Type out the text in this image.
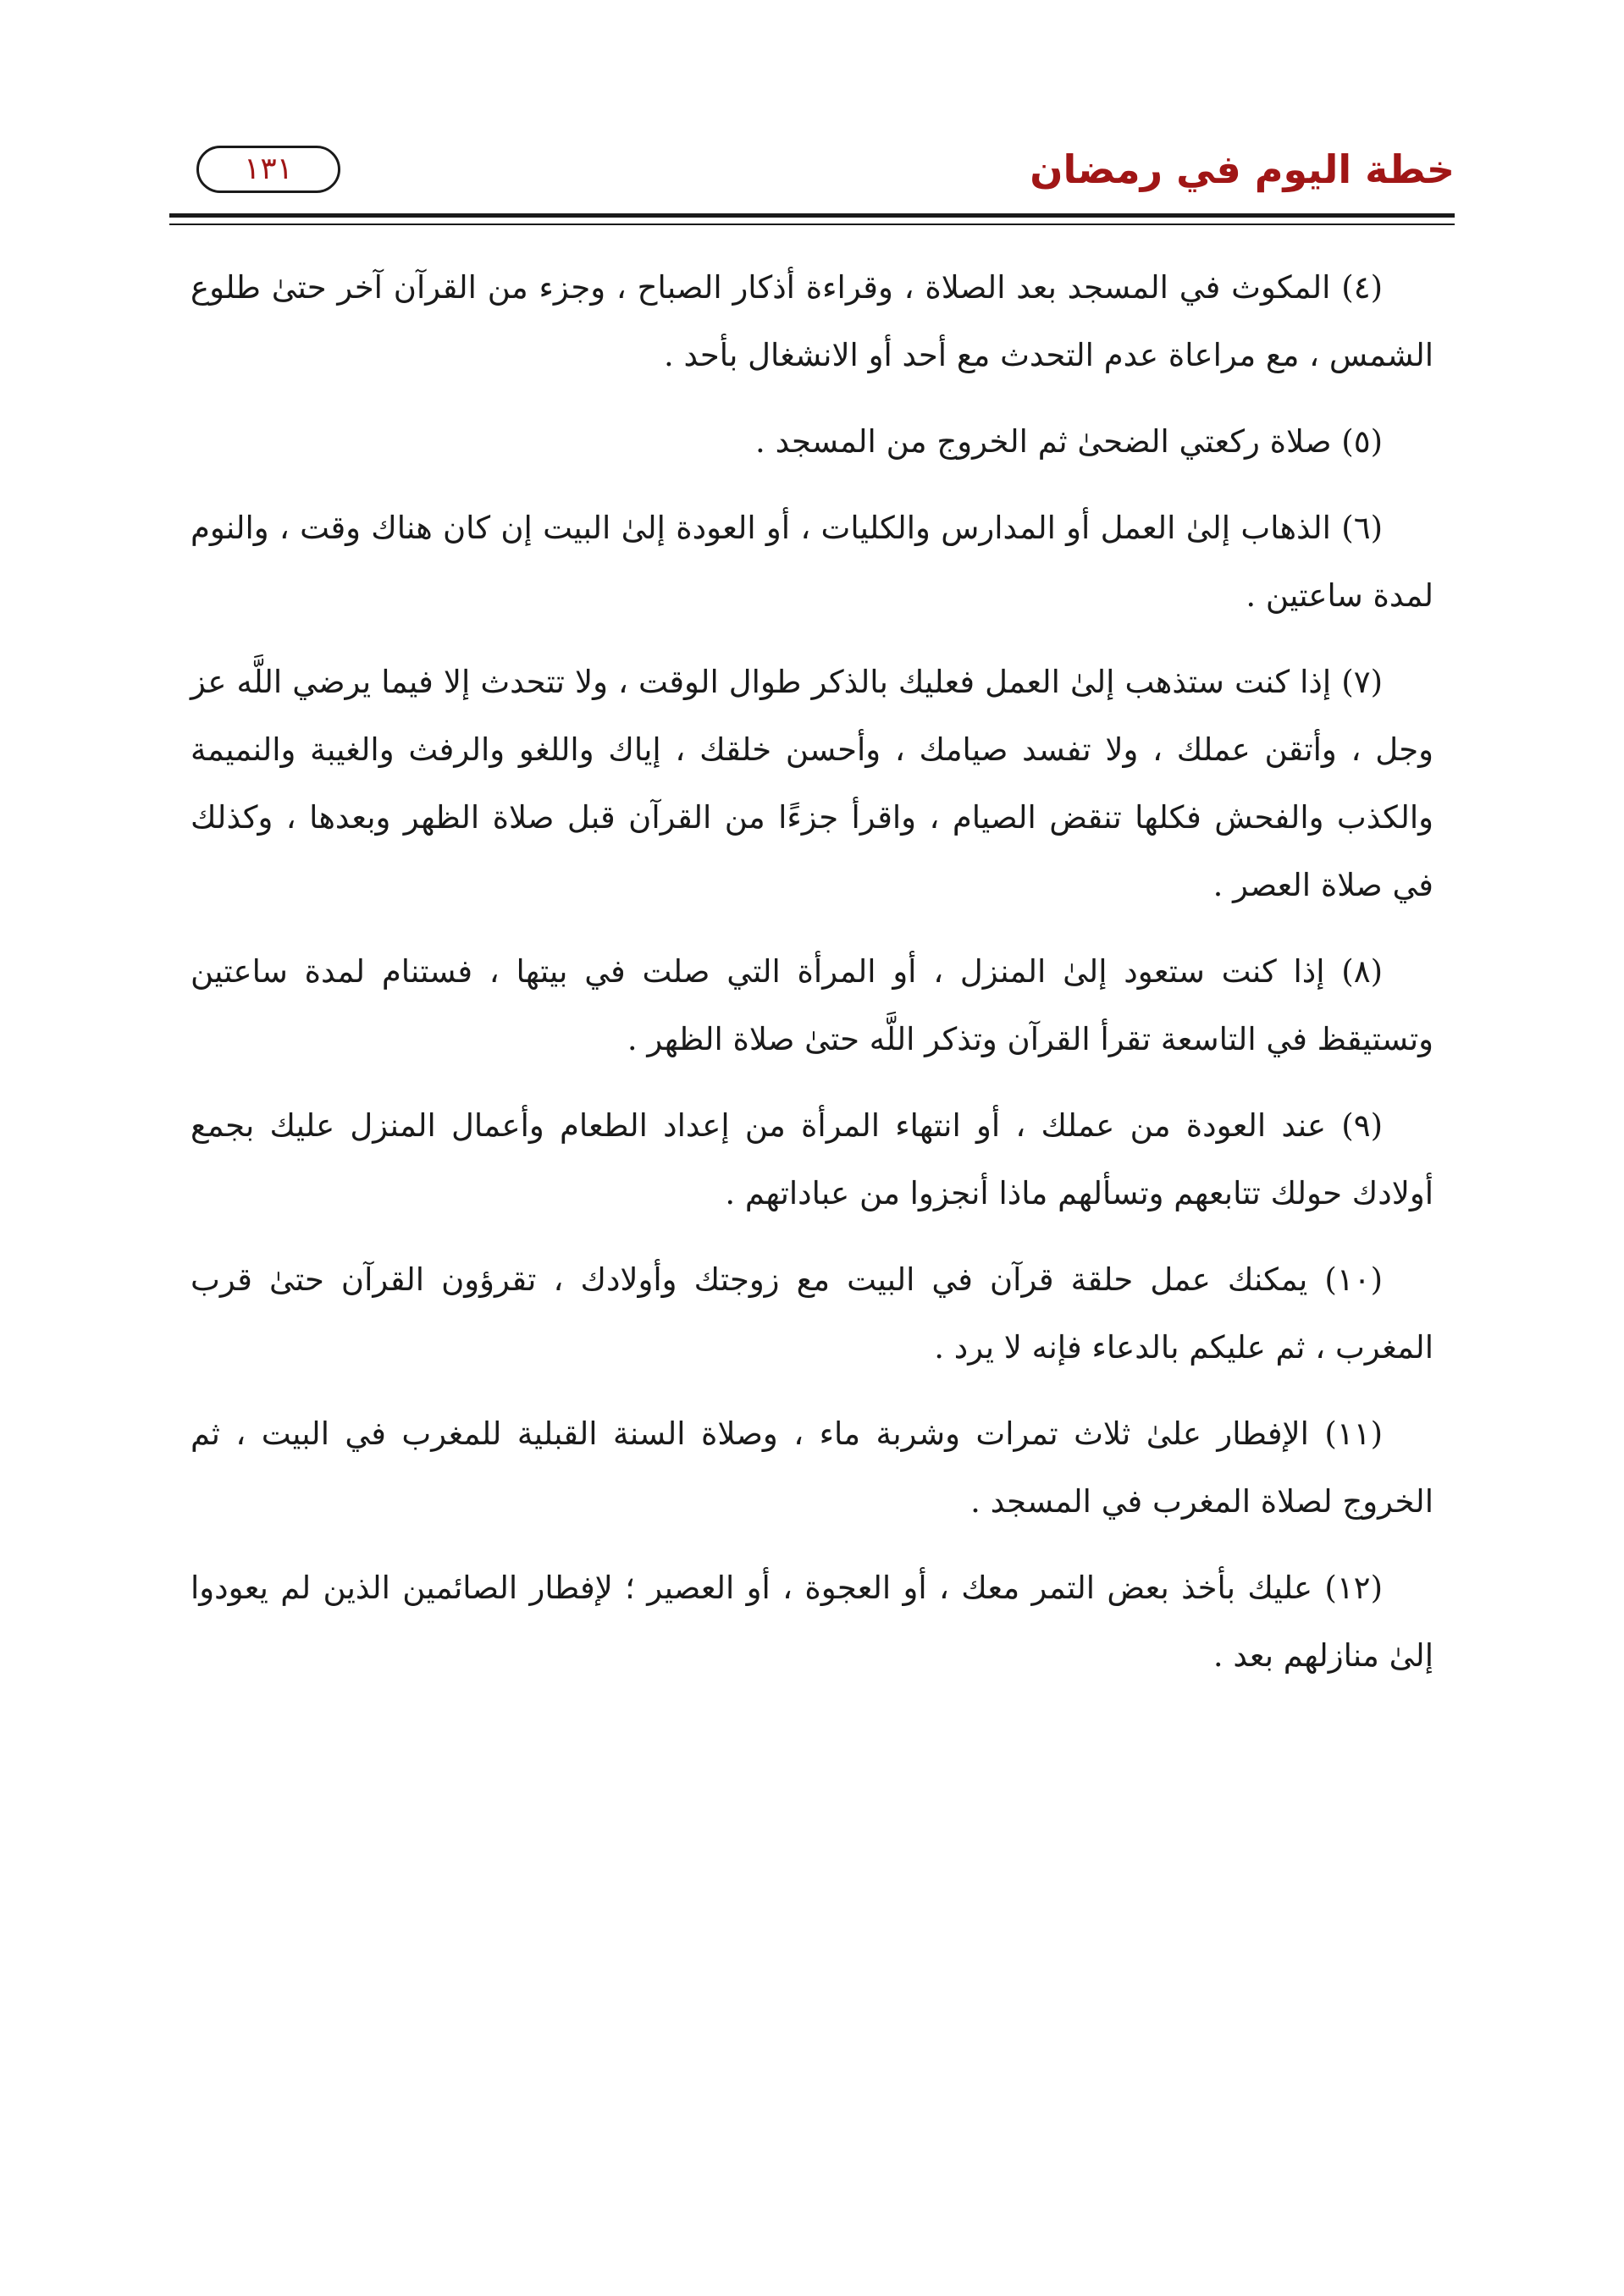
خطة اليوم في رمضان
١٣١

(٤) المكوث في المسجد بعد الصلاة ، وقراءة أذكار الصباح ، وجزء من القرآن آخر حتىٰ طلوع الشمس ، مع مراعاة عدم التحدث مع أحد أو الانشغال بأحد .

(٥) صلاة ركعتي الضحىٰ ثم الخروج من المسجد .

(٦) الذهاب إلىٰ العمل أو المدارس والكليات ، أو العودة إلىٰ البيت إن كان هناك وقت ، والنوم لمدة ساعتين .

(٧) إذا كنت ستذهب إلىٰ العمل فعليك بالذكر طوال الوقت ، ولا تتحدث إلا فيما يرضي اللَّه عز وجل ، وأتقن عملك ، ولا تفسد صيامك ، وأحسن خلقك ، إياك واللغو والرفث والغيبة والنميمة والكذب والفحش فكلها تنقض الصيام ، واقرأ جزءًا من القرآن قبل صلاة الظهر وبعدها ، وكذلك في صلاة العصر .

(٨) إذا كنت ستعود إلىٰ المنزل ، أو المرأة التي صلت في بيتها ، فستنام لمدة ساعتين وتستيقظ في التاسعة تقرأ القرآن وتذكر اللَّه حتىٰ صلاة الظهر .

(٩) عند العودة من عملك ، أو انتهاء المرأة من إعداد الطعام وأعمال المنزل عليك بجمع أولادك حولك تتابعهم وتسألهم ماذا أنجزوا من عباداتهم .

(١٠) يمكنك عمل حلقة قرآن في البيت مع زوجتك وأولادك ، تقرؤون القرآن حتىٰ قرب المغرب ، ثم عليكم بالدعاء فإنه لا يرد .

(١١) الإفطار علىٰ ثلاث تمرات وشربة ماء ، وصلاة السنة القبلية للمغرب في البيت ، ثم الخروج لصلاة المغرب في المسجد .

(١٢) عليك بأخذ بعض التمر معك ، أو العجوة ، أو العصير ؛ لإفطار الصائمين الذين لم يعودوا إلىٰ منازلهم بعد .
